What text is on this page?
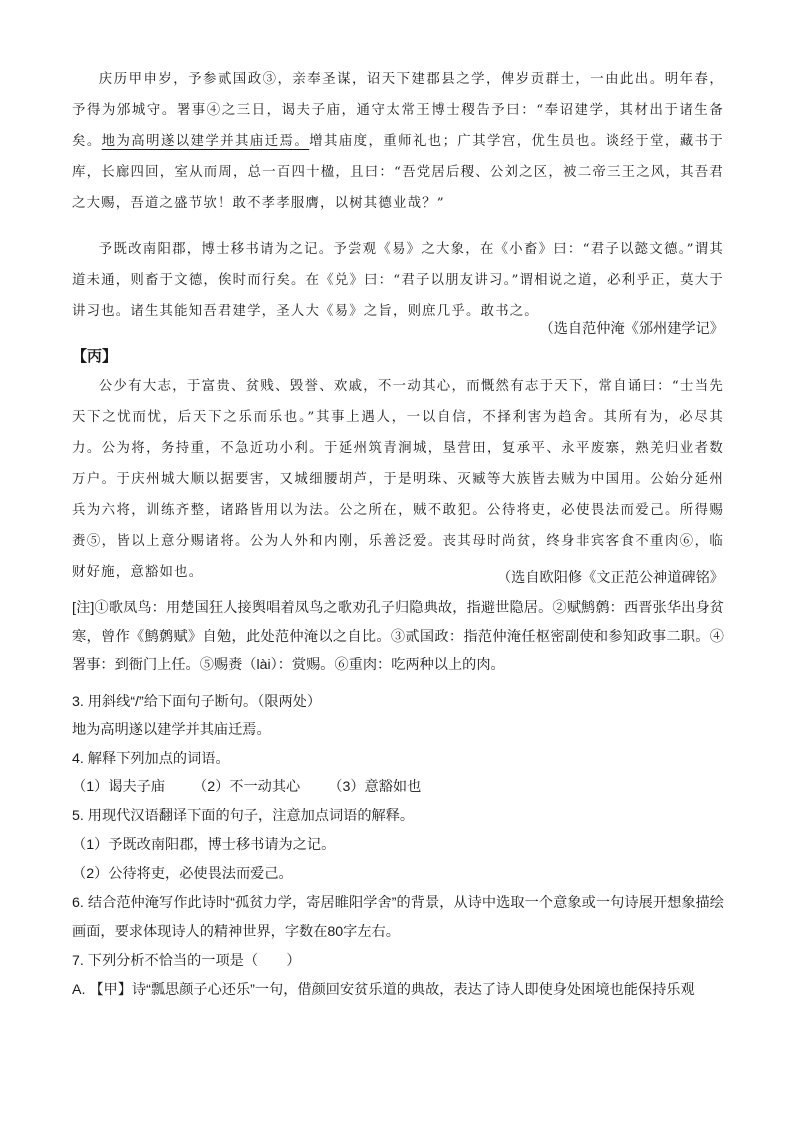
庆历甲申岁，予参贰国政③，亲奉圣谋，诏天下建郡县之学，俾岁贡群士，一由此出。明年春，予得为邠城守。署事④之三日，谒夫子庙，通守太常王博士稷告予曰：“奉诏建学，其材出于诸生备矣。地为高明遂以建学并其庙迁焉。增其庙度，重师礼也；广其学宫，优生员也。谈经于堂，藏书于库，长廊四回，室从而周，总一百四十楹，且曰：“吾党居后稷、公刘之区，被二帝三王之风，其吾君之大赐，吾道之盛节欤！敢不孝孝服膺，以树其德业哉？”

予既改南阳郡，博士移书请为之记。予尝观《易》之大象，在《小畜》曰：“君子以懿文德。”谓其道未通，则畜于文德，俟时而行矣。在《兑》曰：“君子以朋友讲习。”谓相说之道，必利乎正，莫大于讲习也。诸生其能知吾君建学，圣人大《易》之旨，则庶几乎。敢书之。

（选自范仲淹《邠州建学记》
【丙】

公少有大志，于富贵、贫贱、毁誉、欢戚，不一动其心，而慨然有志于天下，常自诵曰：“士当先天下之忧而忧，后天下之乐而乐也。”其事上遇人，一以自信，不择利害为趋舍。其所有为，必尽其力。公为将，务持重，不急近功小利。于延州筑青涧城，垦营田，复承平、永平废寨，熟羌归业者数万户。于庆州城大顺以据要害，又城细腰胡芦，于是明珠、灭臧等大族皆去贼为中国用。公始分延州兵为六将，训练齐整，诸路皆用以为法。公之所在，贼不敢犯。公待将吏，必使畏法而爱己。所得赐赉⑤，皆以上意分赐诸将。公为人外和内刚，乐善泛爱。丧其母时尚贫，终身非宾客食不重肉⑥，临财好施，意豁如也。	（选自欧阳修《文正范公神道碑铭》

[注]①歌凤鸟：用楚国狂人接舆唱着凤鸟之歌劝孔子归隐典故，指避世隐居。②赋鹪鹩：西晋张华出身贫寒，曾作《鹪鹩赋》自勉，此处范仲淹以之自比。③贰国政：指范仲淹任枢密副使和参知政事二职。④署事：到衙门上任。⑤赐赉（lài）：赏赐。⑥重肉：吃两种以上的肉。

3. 用斜线“/”给下面句子断句。（限两处）
地为高明遂以建学并其庙迁焉。
4. 解释下列加点的词语。
（1）谒夫子庙 （2）不一动其心 （3）意豁如也
5. 用现代汉语翻译下面的句子，注意加点词语的解释。
（1）予既改南阳郡，博士移书请为之记。
（2）公待将吏，必使畏法而爱己。

6. 结合范仲淹写作此诗时“孤贫力学，寄居睢阳学舍”的背景，从诗中选取一个意象或一句诗展开想象描绘画面，要求体现诗人的精神世界，字数在80字左右。

7. 下列分析不恰当的一项是（　　）
A. 【甲】诗“瓢思颜子心还乐”一句，借颜回安贫乐道的典故，表达了诗人即使身处困境也能保持乐观
